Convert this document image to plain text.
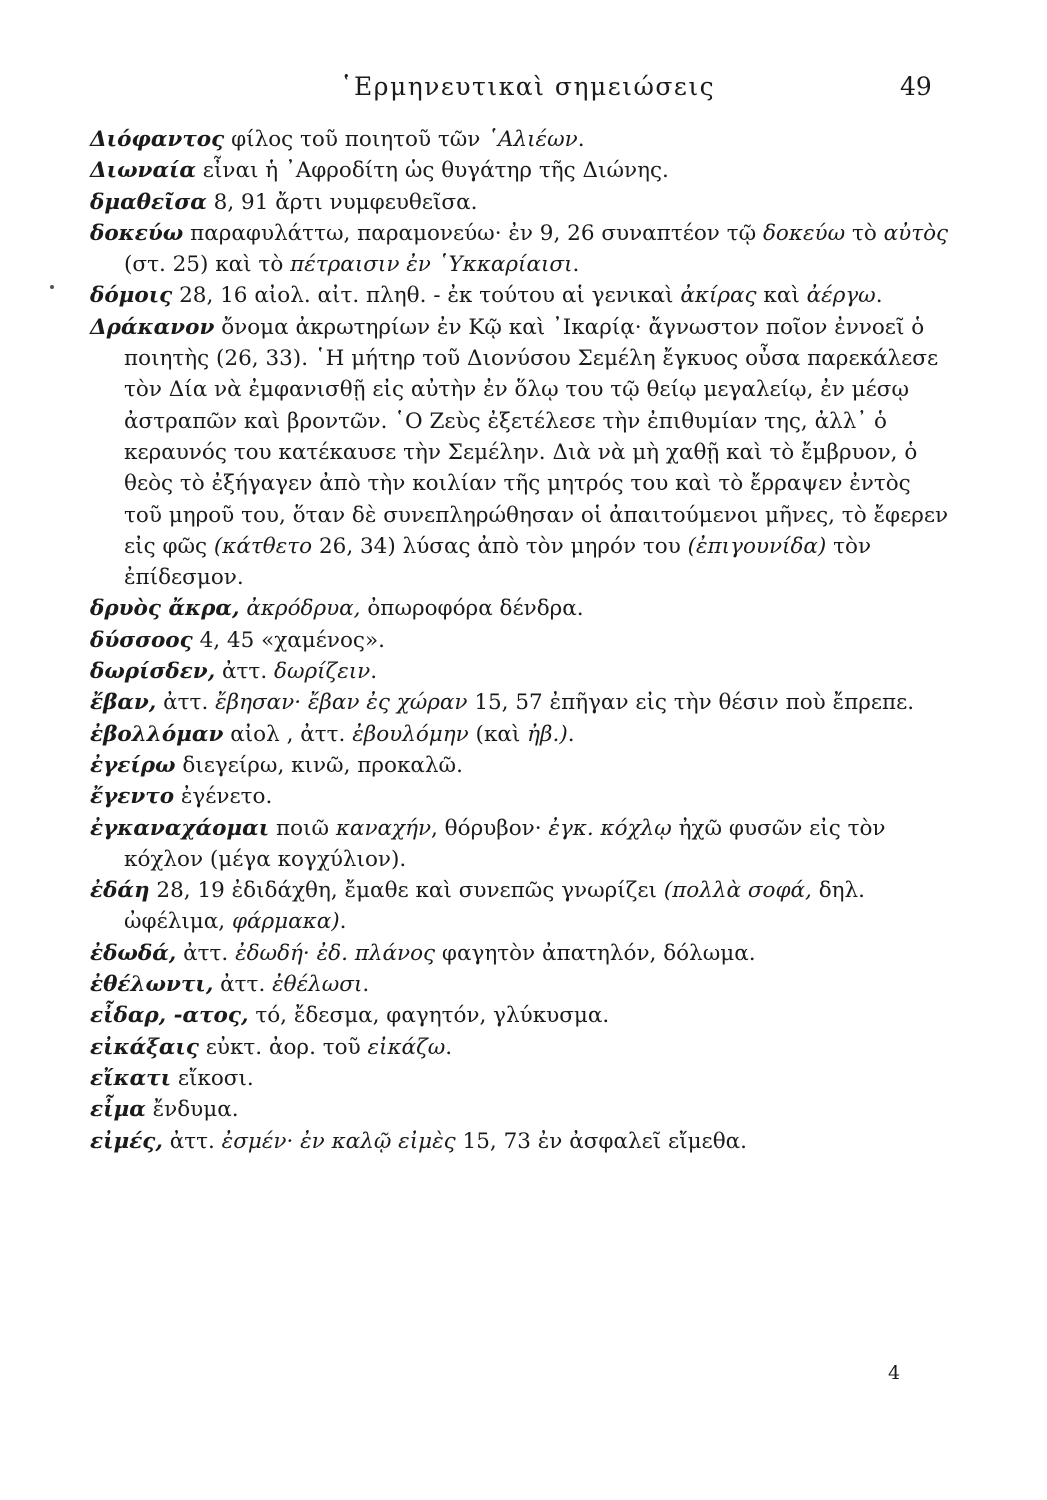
῾Ερμηνευτικαὶ σημειώσεις	49

Διόφαντος φίλος τοῦ ποιητοῦ τῶν ῾Αλιέων.

Διωναία εἶναι ἡ ᾿Αφροδίτη ὡς θυγάτηρ τῆς Διώνης.

δμαθεῖσα 8, 91 ἄρτι νυμφευθεῖσα.

δοκεύω παραφυλάττω, παραμονεύω· ἐν 9, 26 συναπτέον τῷ δοκεύω τὸ αὐτὸς (στ. 25) καὶ τὸ πέτραισιν ἐν ῾Υκκαρίαισι.

δόμοις 28, 16 αἰολ. αἰτ. πληθ. - ἐκ τούτου αἱ γενικαὶ ἀκίρας καὶ ἀέργω.

Δράκανον ὄνομα ἀκρωτηρίων ἐν Κῷ καὶ ᾿Ικαρίᾳ· ἄγνωστον ποῖον ἐννοεῖ ὁ ποιητὴς (26, 33). ῾Η μήτηρ τοῦ Διονύσου Σεμέλη ἔγκυος οὖσα παρεκάλεσε τὸν Δία νὰ ἐμφανισθῇ εἰς αὐτὴν ἐν ὅλῳ του τῷ θείῳ μεγαλείῳ, ἐν μέσῳ ἀστραπῶν καὶ βροντῶν. ῾Ο Ζεὺς ἐξετέλεσε τὴν ἐπιθυμίαν της, ἀλλ᾿ ὁ κεραυνός του κατέκαυσε τὴν Σεμέλην. Διὰ νὰ μὴ χαθῇ καὶ τὸ ἔμβρυον, ὁ θεὸς τὸ ἐξήγαγεν ἀπὸ τὴν κοιλίαν τῆς μητρός του καὶ τὸ ἔρραψεν ἐντὸς τοῦ μηροῦ του, ὅταν δὲ συνεπληρώθησαν οἱ ἀπαιτούμενοι μῆνες, τὸ ἔφερεν εἰς φῶς (κάτθετο 26, 34) λύσας ἀπὸ τὸν μηρόν του (ἐπιγουνίδα) τὸν ἐπίδεσμον.

δρυὸς ἄκρα, ἀκρόδρυα, ὀπωροφόρα δένδρα.

δύσσοος 4, 45 «χαμένος».

δωρίσδεν, ἀττ. δωρίζειν.

ἔβαν, ἀττ. ἔβησαν· ἔβαν ἐς χώραν 15, 57 ἐπῆγαν εἰς τὴν θέσιν ποὺ ἔπρεπε.

ἐβολλόμαν αἰολ , ἀττ. ἐβουλόμην (καὶ ἠβ.).

ἐγείρω διεγείρω, κινῶ, προκαλῶ.

ἔγεντο ἐγένετο.

ἐγκαναχάομαι ποιῶ καναχήν, θόρυβον· ἐγκ. κόχλῳ ἠχῶ φυσῶν εἰς τὸν κόχλον (μέγα κογχύλιον).

ἐδάη 28, 19 ἐδιδάχθη, ἔμαθε καὶ συνεπῶς γνωρίζει (πολλὰ σοφά, δηλ. ὠφέλιμα, φάρμακα).

ἐδωδά, ἀττ. ἐδωδή· ἐδ. πλάνος φαγητὸν ἀπατηλόν, δόλωμα.

ἐθέλωντι, ἀττ. ἐθέλωσι.

εἶδαρ, -ατος, τό, ἔδεσμα, φαγητόν, γλύκυσμα.

εἰκάξαις εὐκτ. ἀορ. τοῦ εἰκάζω.

εἴκατι εἴκοσι.

εἶμα ἔνδυμα.

εἰμές, ἀττ. ἐσμέν· ἐν καλῷ εἰμὲς 15, 73 ἐν ἀσφαλεῖ εἴμεθα.

4
